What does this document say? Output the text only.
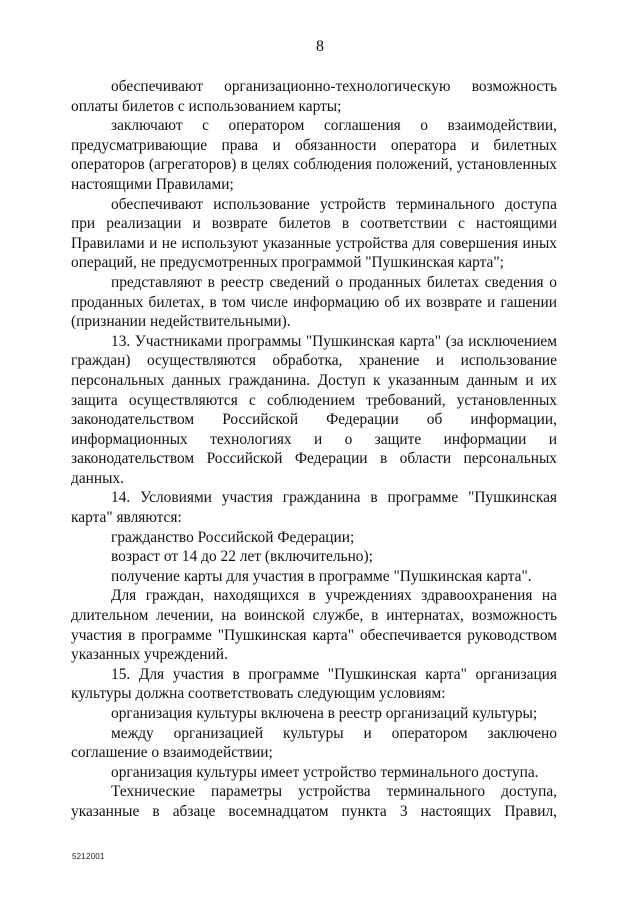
8

обеспечивают организационно-технологическую возможность оплаты билетов с использованием карты;

заключают с оператором соглашения о взаимодействии, предусматривающие права и обязанности оператора и билетных операторов (агрегаторов) в целях соблюдения положений, установленных настоящими Правилами;

обеспечивают использование устройств терминального доступа при реализации и возврате билетов в соответствии с настоящими Правилами и не используют указанные устройства для совершения иных операций, не предусмотренных программой "Пушкинская карта";

представляют в реестр сведений о проданных билетах сведения о проданных билетах, в том числе информацию об их возврате и гашении (признании недействительными).

13. Участниками программы "Пушкинская карта" (за исключением граждан) осуществляются обработка, хранение и использование персональных данных гражданина. Доступ к указанным данным и их защита осуществляются с соблюдением требований, установленных законодательством Российской Федерации об информации, информационных технологиях и о защите информации и законодательством Российской Федерации в области персональных данных.

14. Условиями участия гражданина в программе "Пушкинская карта" являются:

гражданство Российской Федерации;

возраст от 14 до 22 лет (включительно);

получение карты для участия в программе "Пушкинская карта".

Для граждан, находящихся в учреждениях здравоохранения на длительном лечении, на воинской службе, в интернатах, возможность участия в программе "Пушкинская карта" обеспечивается руководством указанных учреждений.

15. Для участия в программе "Пушкинская карта" организация культуры должна соответствовать следующим условиям:

организация культуры включена в реестр организаций культуры;

между организацией культуры и оператором заключено соглашение о взаимодействии;

организация культуры имеет устройство терминального доступа.

Технические параметры устройства терминального доступа, указанные в абзаце восемнадцатом пункта 3 настоящих Правил,

5212001
